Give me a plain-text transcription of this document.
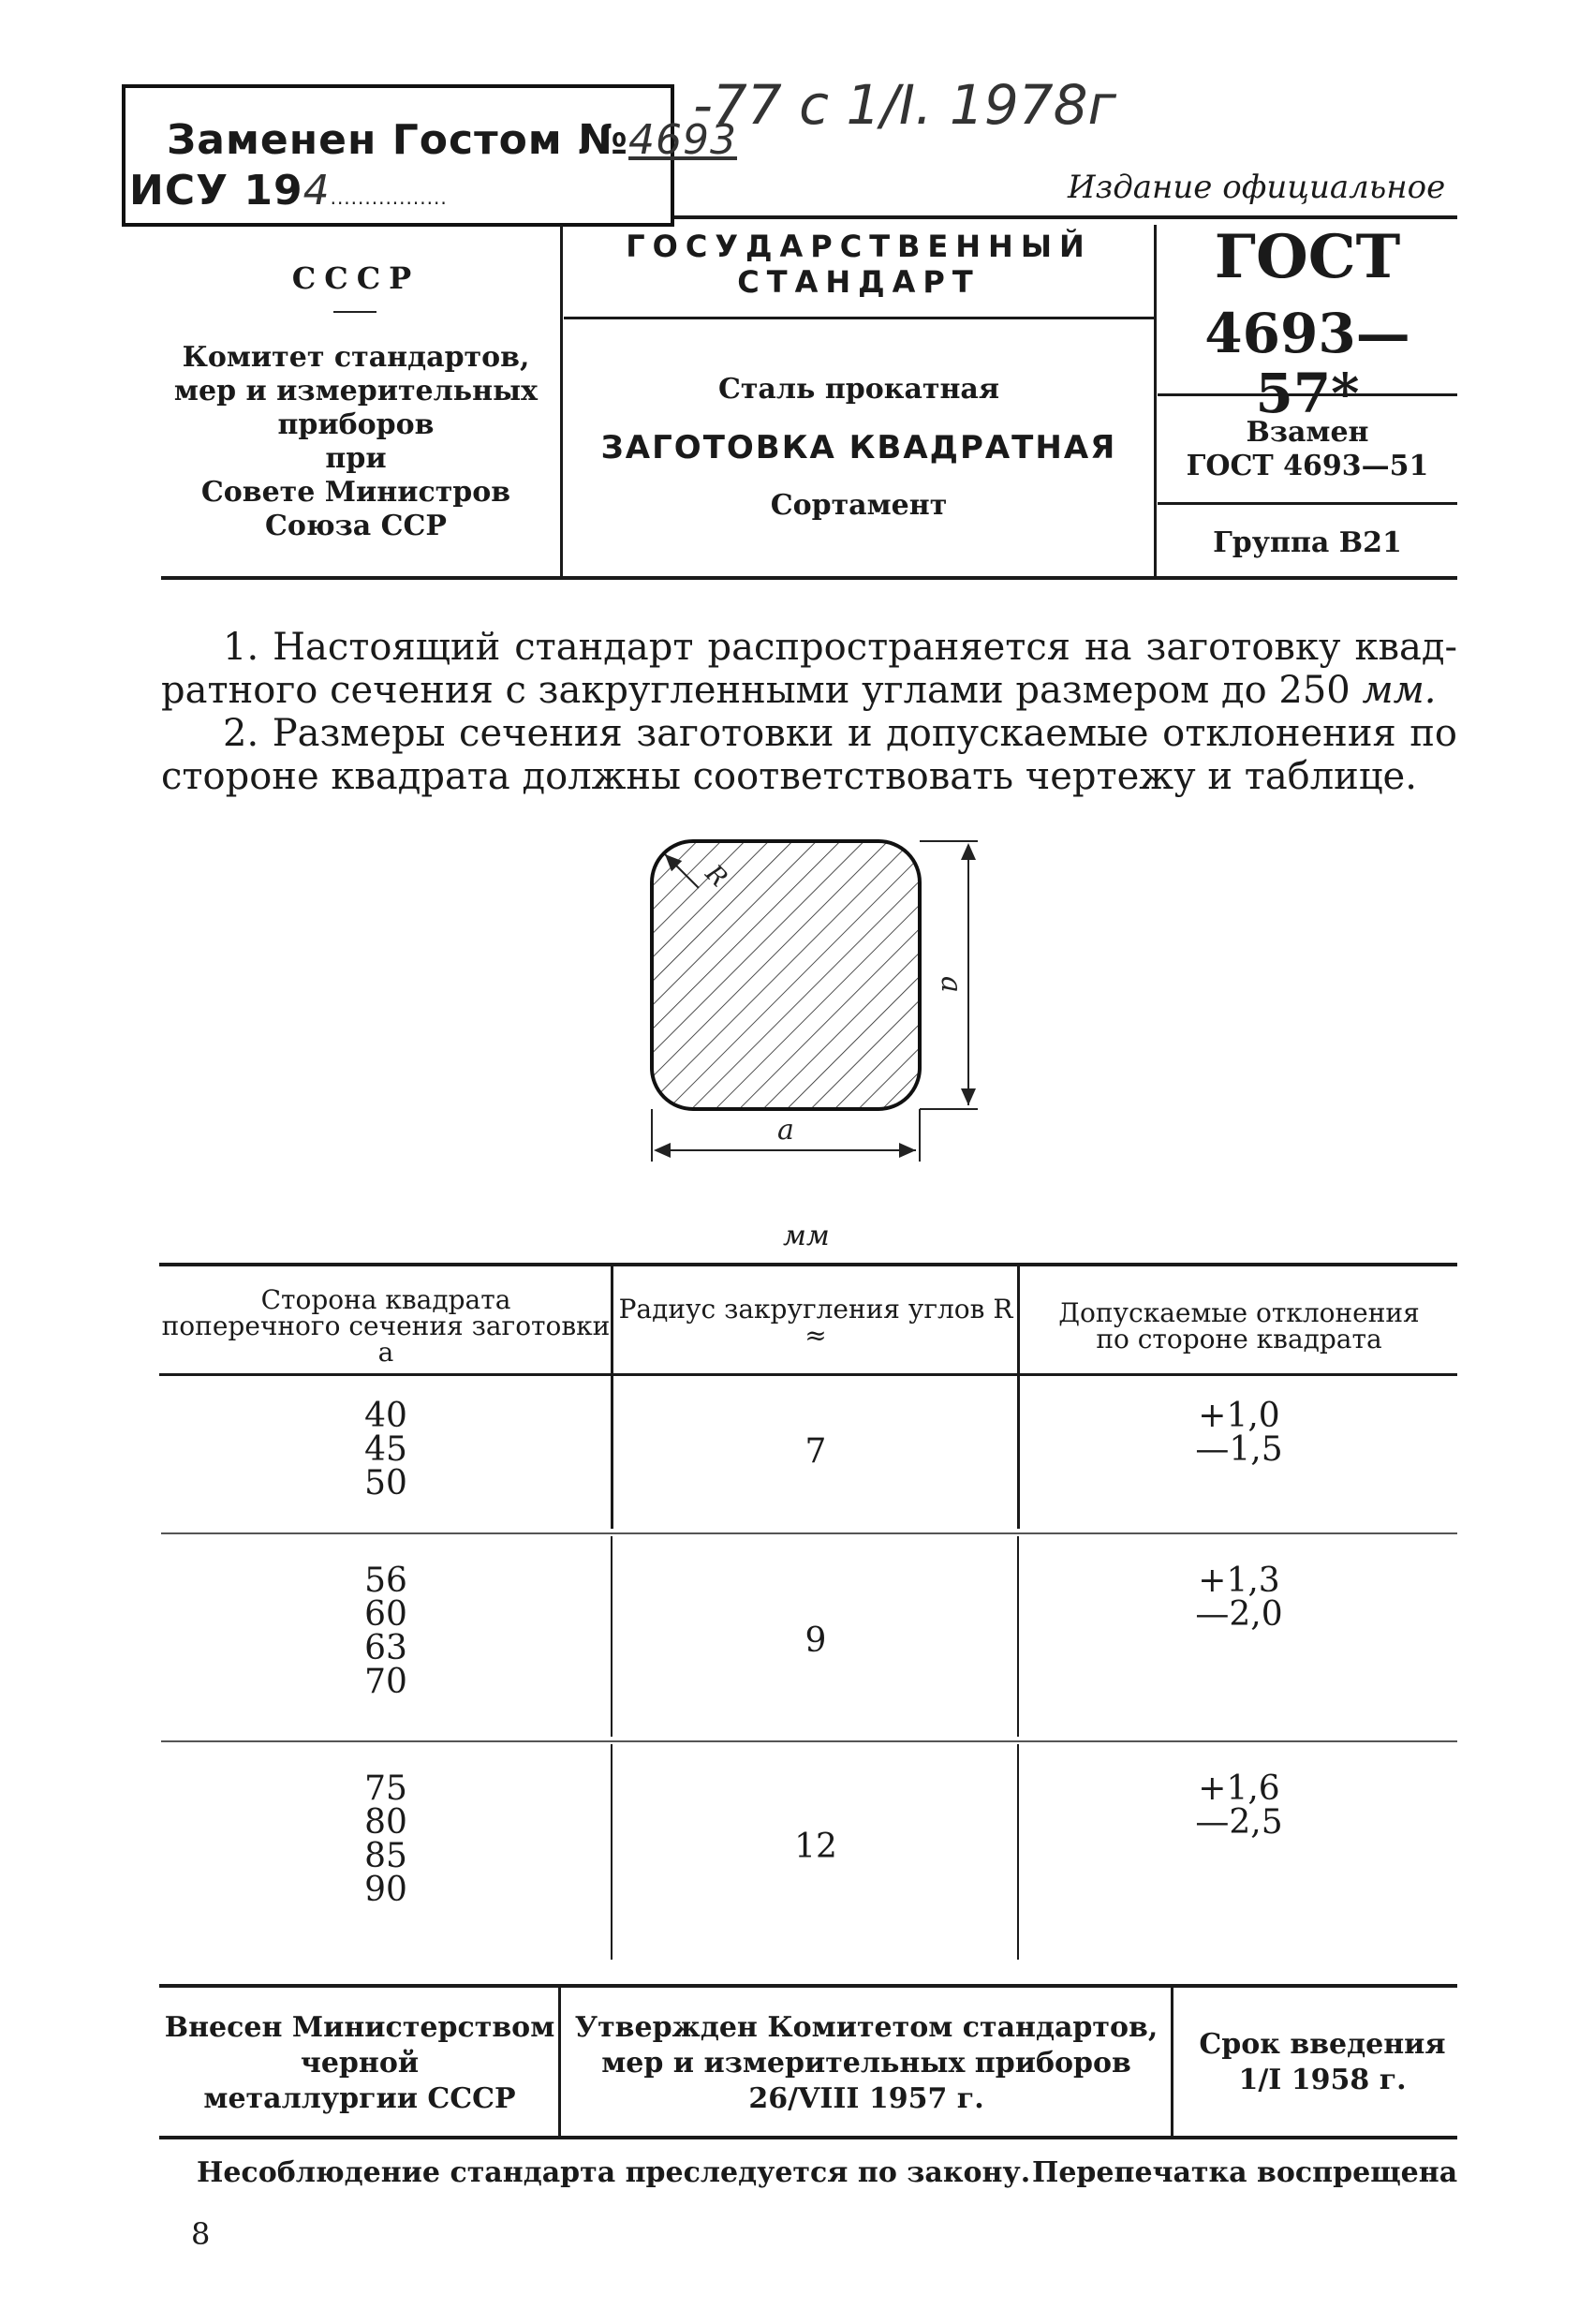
Заменен Гостом №4693
ИСУ 194.................
-77 с 1/I. 1978г
Издание официальное
СССР
Комитет стандартов,
мер и измерительных
приборов
при
Совете Министров
Союза ССР
ГОСУДАРСТВЕННЫЙ
СТАНДАРТ
Сталь прокатная
ЗАГОТОВКА КВАДРАТНАЯ
Сортамент
ГОСТ
4693—57*
Взамен
ГОСТ 4693—51
Группа В21
1. Настоящий стандарт распространяется на заготовку квад-
ратного сечения с закругленными углами размером до 250 мм.
2. Размеры сечения заготовки и допускаемые отклонения по
стороне квадрата должны соответствовать чертежу и таблице.
R
a
a
мм
Сторона квадрата
поперечного сечения заготовки
a
Радиус закругления углов R
≈
Допускаемые отклонения
по стороне квадрата
40
45
50
7
+1,0
—1,5
56
60
63
70
9
+1,3
—2,0
75
80
85
90
12
+1,6
—2,5
Внесен Министерством
черной
металлургии СССР
Утвержден Комитетом стандартов,
мер и измерительных приборов
26/VIII 1957 г.
Срок введения
1/I 1958 г.
Несоблюдение стандарта преследуется по закону. Перепечатка воспрещена
8
